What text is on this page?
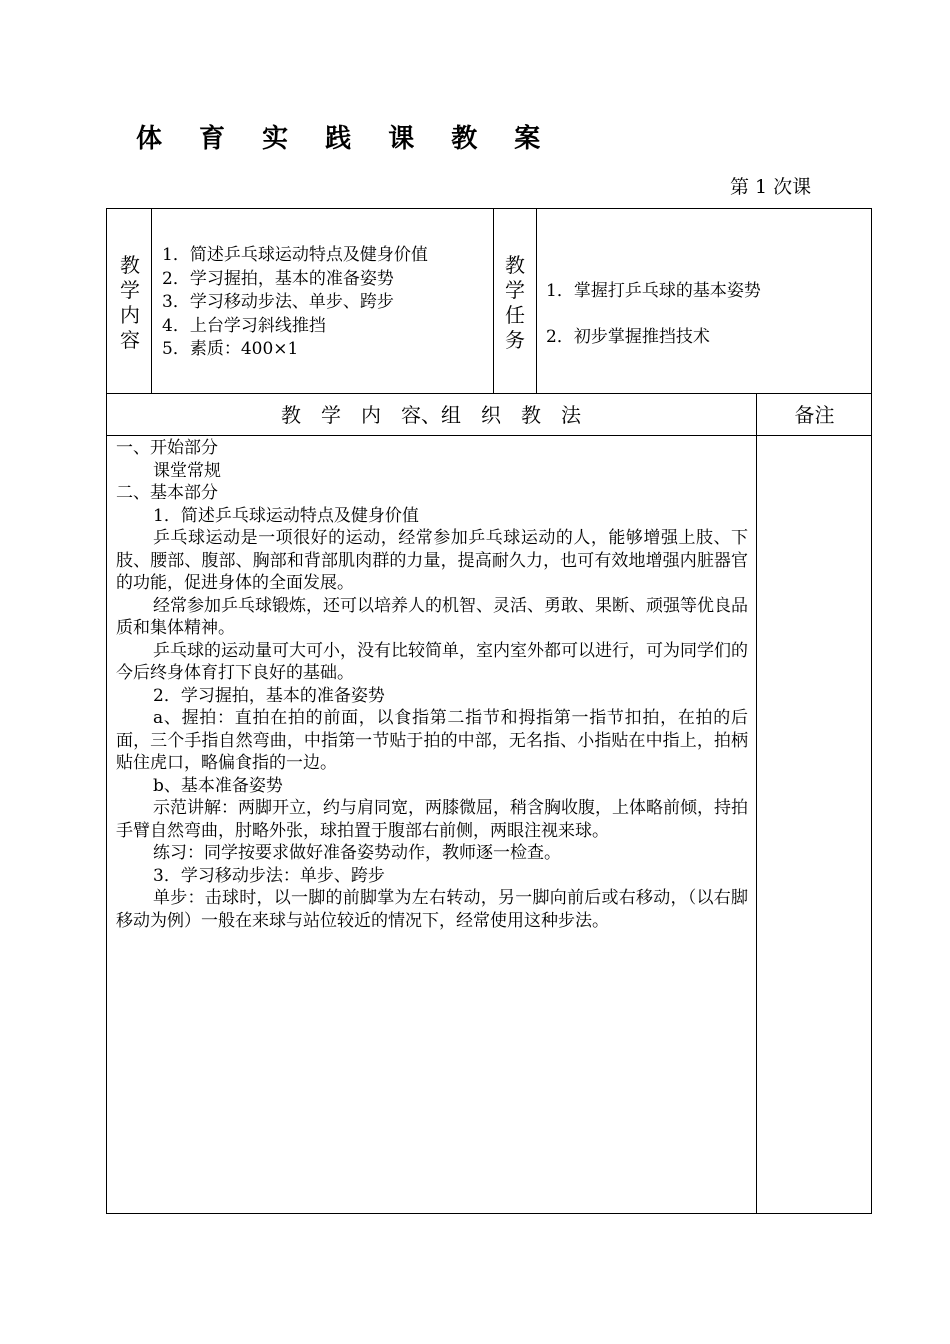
体 育 实 践 课 教 案
第 1 次课
教学内容
1．简述乒乓球运动特点及健身价值
2．学习握拍，基本的准备姿势
3．学习移动步法、单步、跨步
4．上台学习斜线推挡
5．素质：400×1
教学任务
1．掌握打乒乓球的基本姿势
2．初步掌握推挡技术
教　学　内　容、组　织　教　法	备注

一、开始部分

课堂常规

二、基本部分

1．简述乒乓球运动特点及健身价值

乒乓球运动是一项很好的运动，经常参加乒乓球运动的人，能够增强上肢、下肢、腰部、腹部、胸部和背部肌肉群的力量，提高耐久力，也可有效地增强内脏器官的功能，促进身体的全面发展。

经常参加乒乓球锻炼，还可以培养人的机智、灵活、勇敢、果断、顽强等优良品质和集体精神。

乒乓球的运动量可大可小，没有比较简单，室内室外都可以进行，可为同学们的今后终身体育打下良好的基础。

2．学习握拍，基本的准备姿势

a、握拍：直拍在拍的前面，以食指第二指节和拇指第一指节扣拍，在拍的后面，三个手指自然弯曲，中指第一节贴于拍的中部，无名指、小指贴在中指上，拍柄贴住虎口，略偏食指的一边。

b、基本准备姿势

示范讲解：两脚开立，约与肩同宽，两膝微屈，稍含胸收腹，上体略前倾，持拍手臂自然弯曲，肘略外张，球拍置于腹部右前侧，两眼注视来球。

练习：同学按要求做好准备姿势动作，教师逐一检查。

3．学习移动步法：单步、跨步

单步：击球时，以一脚的前脚掌为左右转动，另一脚向前后或右移动，（以右脚移动为例）一般在来球与站位较近的情况下，经常使用这种步法。
